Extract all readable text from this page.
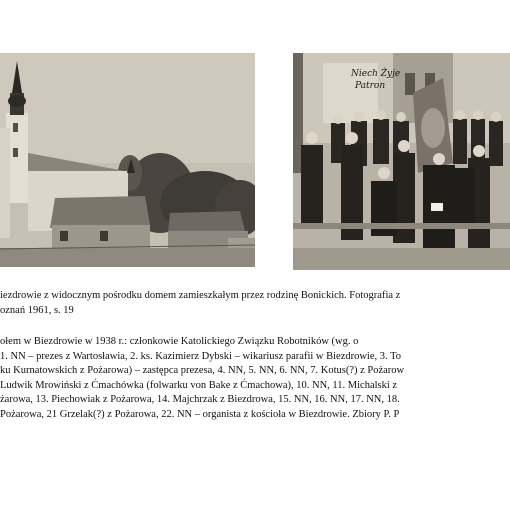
Niech Żyje
Patron
iezdrowie z widocznym pośrodku domem zamieszkałym przez rodzinę Bonickich. Fotografia z
oznań 1961, s. 19
ołem w Biezdrowie w 1938 r.: członkowie Katolickiego Związku Robotników (wg. o
1. NN – prezes z Wartosławia, 2. ks. Kazimierz Dybski – wikariusz parafii w Biezdrowie, 3. To
ku Kurnatowskich z Pożarowa) – zastępca prezesa, 4. NN, 5. NN, 6. NN, 7. Kotus(?) z Pożarow
Ludwik Mrowiński z Ćmachówka (folwarku von Bake z Ćmachowa), 10. NN, 11. Michalski z
żarowa, 13. Piechowiak z Pożarowa, 14. Majchrzak z Biezdrowa, 15. NN, 16. NN, 17. NN, 18.
Pożarowa, 21 Grzelak(?) z Pożarowa, 22. NN – organista z kościoła w Biezdrowie. Zbiory P. P
